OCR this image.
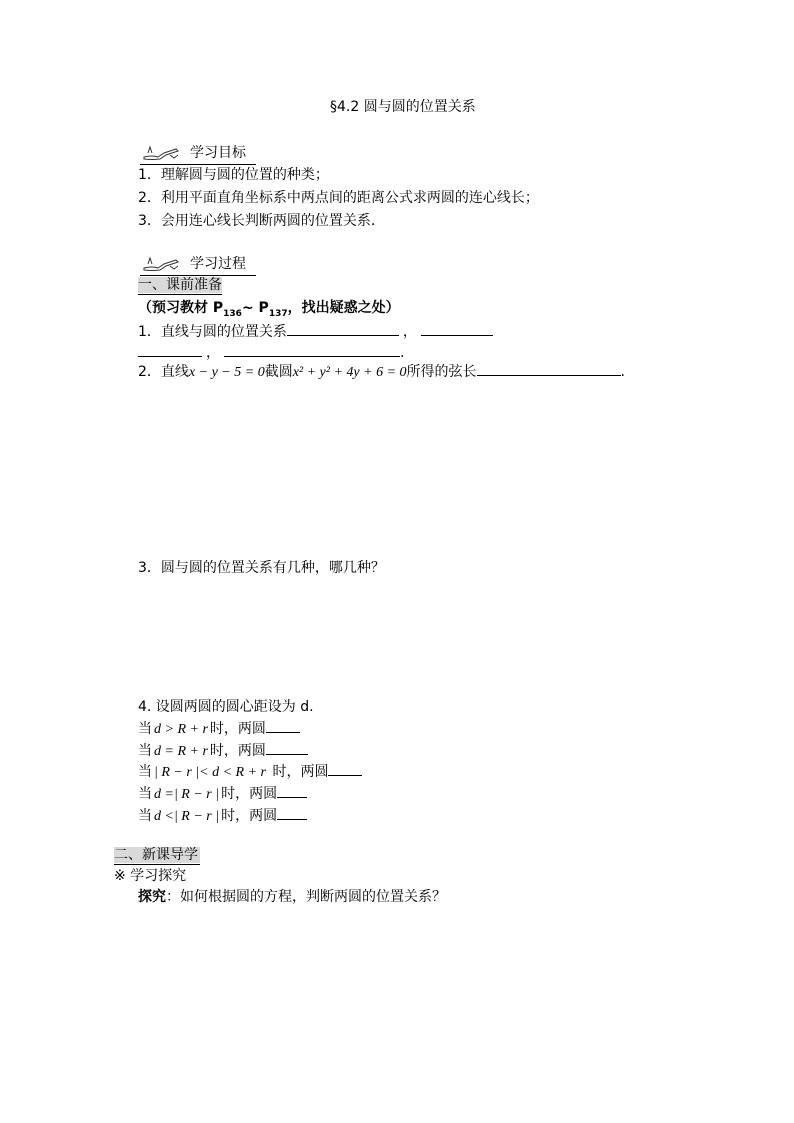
§4.2 圆与圆的位置关系
学习目标
1．理解圆与圆的位置的种类；
2．利用平面直角坐标系中两点间的距离公式求两圆的连心线长；
3．会用连心线长判断两圆的位置关系．
学习过程
一、课前准备
（预习教材 $P_{136}\sim$ $P_{137}$，找出疑惑之处）
1．直线与圆的位置关系	，
，	.
2．直线x − y − 5 = 0截圆x² + y² + 4y + 6 = 0所得的弦长	.
3．圆与圆的位置关系有几种，哪几种？
4. 设圆两圆的圆心距设为 d.
当 d > R + r 时，两圆
当 d = R + r 时，两圆
当 | R − r |< d < R + r 时，两圆
当 d =| R − r | 时，两圆
当 d <| R − r | 时，两圆
二、新课导学
※ 学习探究
探究：如何根据圆的方程，判断两圆的位置关系？
